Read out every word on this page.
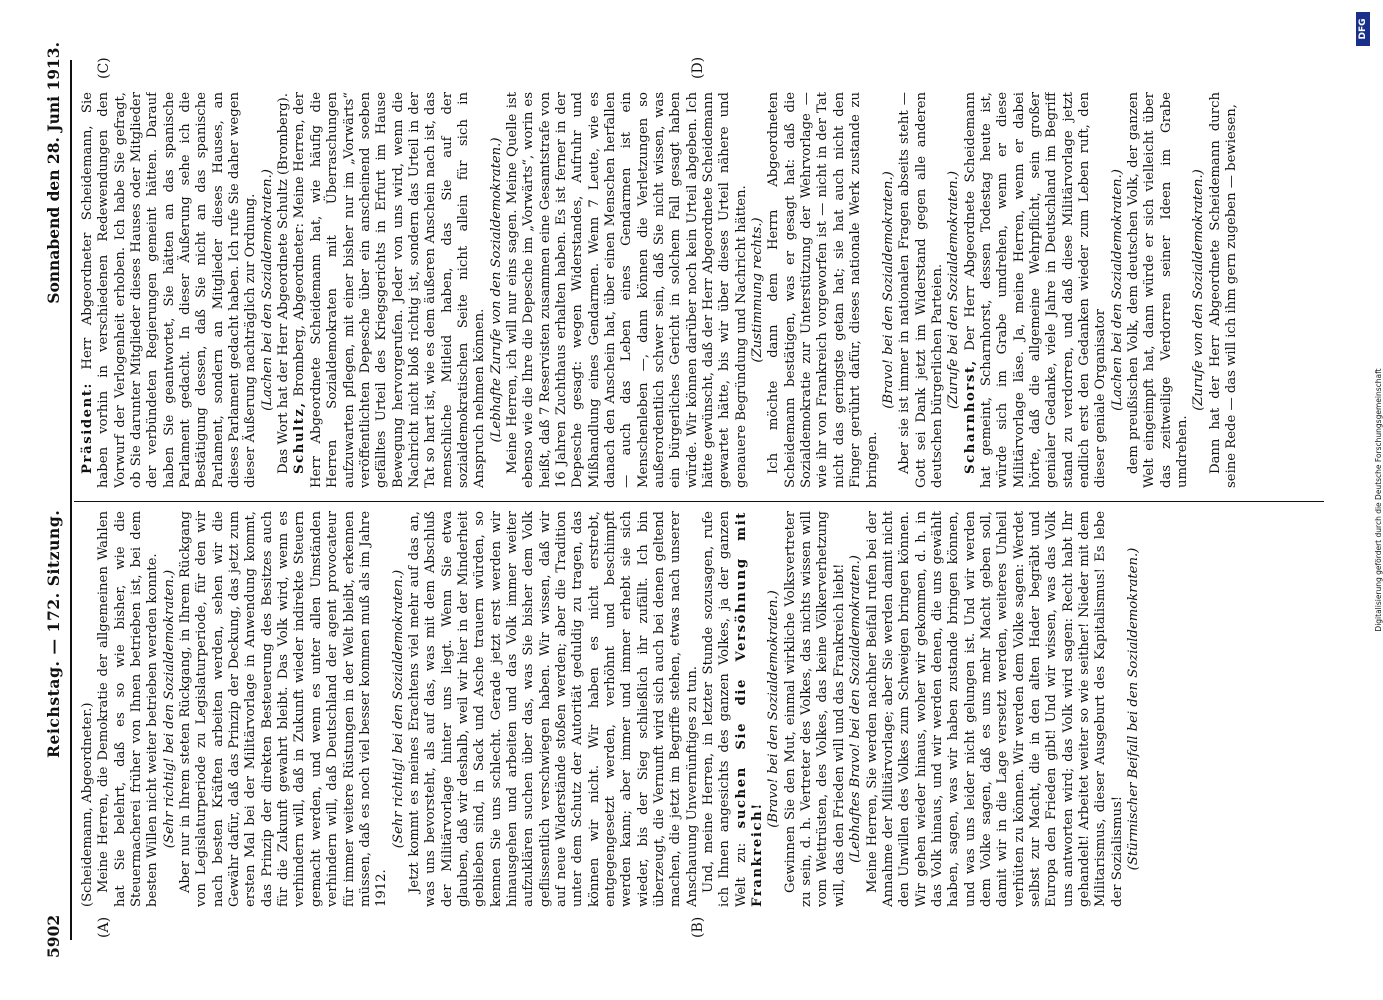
5902
Reichstag. — 172. Sitzung.
Sonnabend den 28. Juni 1913.
(A)	(B)
(C)	(D)

(Scheidemann, Abgeordneter.) Meine Herren, die Demokratie der allgemeinen Wahlen hat Sie belehrt, daß es so wie bisher, wie die Steuermacherei früher von Ihnen betrieben ist, bei dem besten Willen nicht weiter betrieben werden konnte. (Sehr richtig! bei den Sozialdemokraten.) Aber nur in Ihrem steten Rückgang, in Ihrem Rückgang von Legislaturperiode zu Legislaturperiode, für den wir nach besten Kräften arbeiten werden, sehen wir die Gewähr dafür, daß das Prinzip der Deckung, das jetzt zum ersten Mal bei der Militärvorlage in Anwendung kommt, das Prinzip der direkten Besteuerung des Besitzes auch für die Zukunft gewahrt bleibt. Das Volk wird, wenn es verhindern will, daß in Zukunft wieder indirekte Steuern gemacht werden, und wenn es unter allen Umständen verhindern will, daß Deutschland der agent provocateur für immer weitere Rüstungen in der Welt bleibt, erkennen müssen, daß es noch viel besser kommen muß als im Jahre 1912.

(Sehr richtig! bei den Sozialdemokraten.) Jetzt kommt es meines Erachtens viel mehr auf das an, was uns bevorsteht, als auf das, was mit dem Abschluß der Militärvorlage hinter uns liegt. Wenn Sie etwa glauben, daß wir deshalb, weil wir hier in der Minderheit geblieben sind, in Sack und Asche trauern würden, so kennen Sie uns schlecht. Gerade jetzt erst werden wir hinausgehen und arbeiten und das Volk immer weiter aufzuklären suchen über das, was Sie bisher dem Volk geflissentlich verschwiegen haben. Wir wissen, daß wir auf neue Widerstände stoßen werden; aber die Tradition unter dem Schutz der Autorität geduldig zu tragen, das können wir nicht. Wir haben es nicht erstrebt, entgegengesetzt werden, verhöhnt und beschimpft werden kann; aber immer und immer erhebt sie sich wieder, bis der Sieg schließlich ihr zufällt. Ich bin überzeugt, die Vernunft wird sich auch bei denen geltend machen, die jetzt im Begriffe stehen, etwas nach unserer Anschauung Unvernünftiges zu tun. Und, meine Herren, in letzter Stunde sozusagen, rufe ich Ihnen angesichts des ganzen Volkes, ja der ganzen Welt zu: suchen Sie die Versöhnung mit Frankreich!

(Bravo! bei den Sozialdemokraten.) Gewinnen Sie den Mut, einmal wirkliche Volksvertreter zu sein, d. h. Vertreter des Volkes, das nichts wissen will vom Wettrüsten, des Volkes, das keine Völkerverhetzung will, das den Frieden will und das Frankreich liebt! (Lebhaftes Bravo! bei den Sozialdemokraten.) Meine Herren, Sie werden nachher Beifall rufen bei der Annahme der Militärvorlage; aber Sie werden damit nicht den Unwillen des Volkes zum Schweigen bringen können. Wir gehen wieder hinaus, woher wir gekommen, d. h. in das Volk hinaus, und wir werden denen, die uns gewählt haben, sagen, was wir haben zustande bringen können, und was uns leider nicht gelungen ist. Und wir werden dem Volke sagen, daß es uns mehr Macht geben soll, damit wir in die Lage versetzt werden, weiteres Unheil verhüten zu können. Wir werden dem Volke sagen: Werdet selbst zur Macht, die in den alten Hader begräbt und Europa den Frieden gibt! Und wir wissen, was das Volk uns antworten wird; das Volk wird sagen: Recht habt Ihr gehandelt! Arbeitet weiter so wie seither! Nieder mit dem Militarismus, dieser Ausgeburt des Kapitalismus! Es lebe der Sozialismus! (Stürmischer Beifall bei den Sozialdemokraten.)

Präsident: Herr Abgeordneter Scheidemann, Sie haben vorhin in verschiedenen Redewendungen den Vorwurf der Verlogenheit erhoben. Ich habe Sie gefragt, ob Sie darunter Mitglieder dieses Hauses oder Mitglieder der verbündeten Regierungen gemeint hätten. Darauf haben Sie geantwortet, Sie hätten an das spanische Parlament gedacht. In dieser Äußerung sehe ich die Bestätigung dessen, daß Sie nicht an das spanische Parlament, sondern an Mitglieder dieses Hauses, an dieses Parlament gedacht haben. Ich rufe Sie daher wegen dieser Äußerung nachträglich zur Ordnung. (Lachen bei den Sozialdemokraten.) Das Wort hat der Herr Abgeordnete Schultz (Bromberg). Schultz, Bromberg, Abgeordneter: Meine Herren, der Herr Abgeordnete Scheidemann hat, wie häufig die Herren Sozialdemokraten mit Überraschungen aufzuwarten pflegen, mit einer bisher nur im „Vorwärts“ veröffentlichten Depesche über ein anscheinend soeben gefälltes Urteil des Kriegsgerichts in Erfurt im Hause Bewegung hervorgerufen. Jeder von uns wird, wenn die Nachricht nicht bloß richtig ist, sondern das Urteil in der Tat so hart ist, wie es dem äußeren Anschein nach ist, das menschliche Mitleid haben, das Sie auf der sozialdemokratischen Seite nicht allein für sich in Anspruch nehmen können. (Lebhafte Zurufe von den Sozialdemokraten.) Meine Herren, ich will nur eins sagen. Meine Quelle ist ebenso wie die Ihre die Depesche im „Vorwärts“, worin es heißt, daß 7 Reservisten zusammen eine Gesamtstrafe von 16 Jahren Zuchthaus erhalten haben. Es ist ferner in der Depesche gesagt: wegen Widerstandes, Aufruhr und Mißhandlung eines Gendarmen. Wenn 7 Leute, wie es danach den Anschein hat, über einen Menschen herfallen — auch das Leben eines Gendarmen ist ein Menschenleben —, dann können die Verletzungen so außerordentlich schwer sein, daß Sie nicht wissen, was ein bürgerliches Gericht in solchem Fall gesagt haben würde. Wir können darüber noch kein Urteil abgeben. Ich hätte gewünscht, daß der Herr Abgeordnete Scheidemann gewartet hätte, bis wir über dieses Urteil nähere und genauere Begründung und Nachricht hätten. (Zustimmung rechts.) Ich möchte dann dem Herrn Abgeordneten Scheidemann bestätigen, was er gesagt hat: daß die Sozialdemokratie zur Unterstützung der Wehrvorlage — wie ihr von Frankreich vorgeworfen ist — nicht in der Tat nicht das geringste getan hat; sie hat auch nicht den Finger gerührt dafür, dieses nationale Werk zustande zu bringen.

(Bravo! bei den Sozialdemokraten.) Aber sie ist immer in nationalen Fragen abseits steht — Gott sei Dank jetzt im Widerstand gegen alle anderen deutschen bürgerlichen Parteien. (Zurufe bei den Sozialdemokraten.)

Scharnhorst, Der Herr Abgeordnete Scheidemann hat gemeint, Scharnhorst, dessen Todestag heute ist, würde sich im Grabe umdrehen, wenn er diese Militärvorlage läse. Ja, meine Herren, wenn er dabei hörte, daß die allgemeine Wehrpflicht, sein großer genialer Gedanke, viele Jahre in Deutschland im Begriff stand zu verdorren, und daß diese Militärvorlage jetzt endlich erst den Gedanken wieder zum Leben ruft, den dieser geniale Organisator (Lachen bei den Sozialdemokraten.) dem preußischen Volk, dem deutschen Volk, der ganzen Welt eingeimpft hat, dann würde er sich vielleicht über das zeitweilige Verdorren seiner Ideen im Grabe umdrehen.

(Zurufe von den Sozialdemokraten.) Dann hat der Herr Abgeordnete Scheidemann durch seine Rede — das will ich ihm gern zugeben — bewiesen,

Digitalisierung gefördert durch die Deutsche Forschungsgemeinschaft
DFG
